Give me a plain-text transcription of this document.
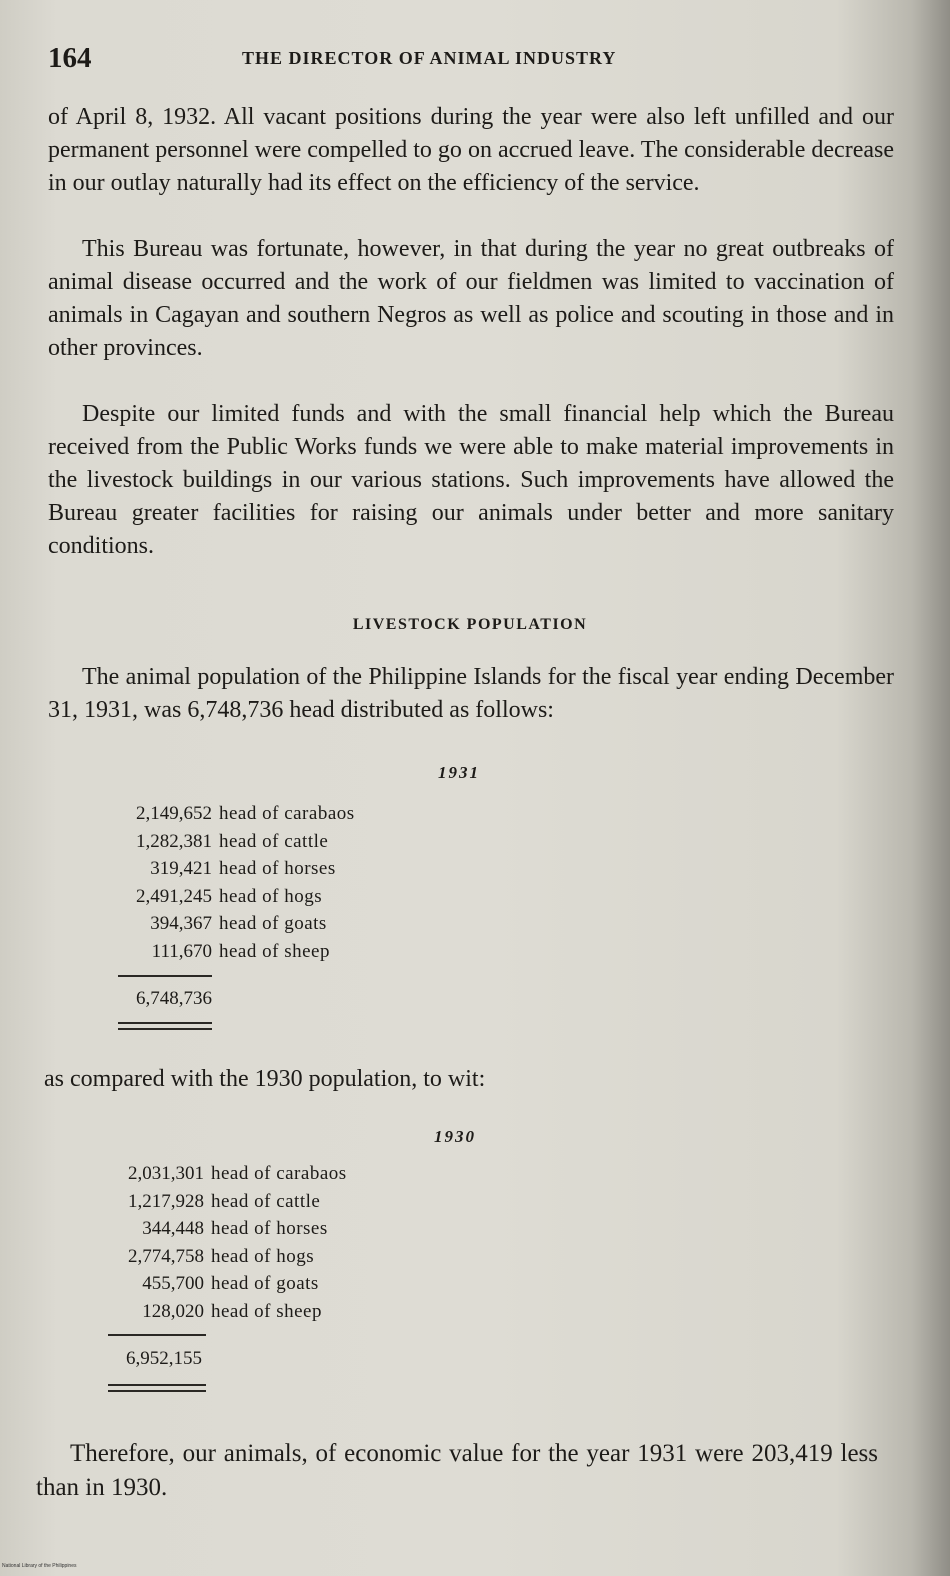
164	THE DIRECTOR OF ANIMAL INDUSTRY

of April 8, 1932. All vacant positions during the year were also left unfilled and our permanent personnel were compelled to go on accrued leave. The considerable decrease in our outlay naturally had its effect on the efficiency of the service.

This Bureau was fortunate, however, in that during the year no great outbreaks of animal disease occurred and the work of our fieldmen was limited to vaccination of animals in Cagayan and southern Negros as well as police and scouting in those and in other provinces.

Despite our limited funds and with the small financial help which the Bureau received from the Public Works funds we were able to make material improvements in the livestock buildings in our various stations. Such improvements have allowed the Bureau greater facilities for raising our animals under better and more sanitary conditions.

LIVESTOCK POPULATION

The animal population of the Philippine Islands for the fiscal year ending December 31, 1931, was 6,748,736 head distributed as follows:

1931
2,149,652 head of carabaos
1,282,381 head of cattle
319,421 head of horses
2,491,245 head of hogs
394,367 head of goats
111,670 head of sheep
6,748,736

as compared with the 1930 population, to wit:

1930
2,031,301 head of carabaos
1,217,928 head of cattle
344,448 head of horses
2,774,758 head of hogs
455,700 head of goats
128,020 head of sheep
6,952,155

Therefore, our animals, of economic value for the year 1931 were 203,419 less than in 1930.

National Library of the Philippines
